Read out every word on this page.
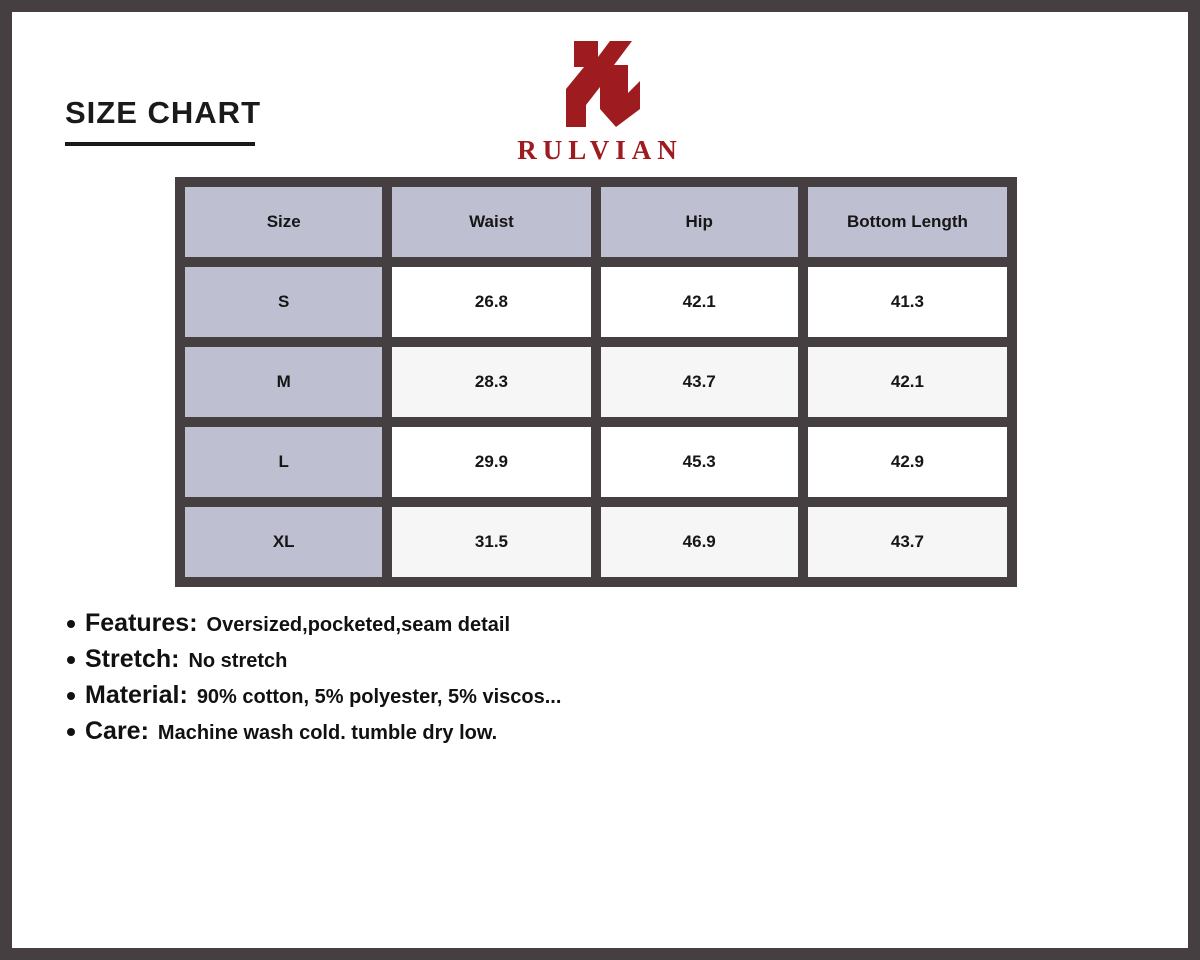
SIZE CHART
RULVIAN
Size	Waist	Hip	Bottom Length
S	26.8	42.1	41.3
M	28.3	43.7	42.1
L	29.9	45.3	42.9
XL	31.5	46.9	43.7
Features: Oversized,pocketed,seam detail
Stretch: No stretch
Material: 90% cotton, 5% polyester, 5% viscos...
Care: Machine wash cold. tumble dry low.
